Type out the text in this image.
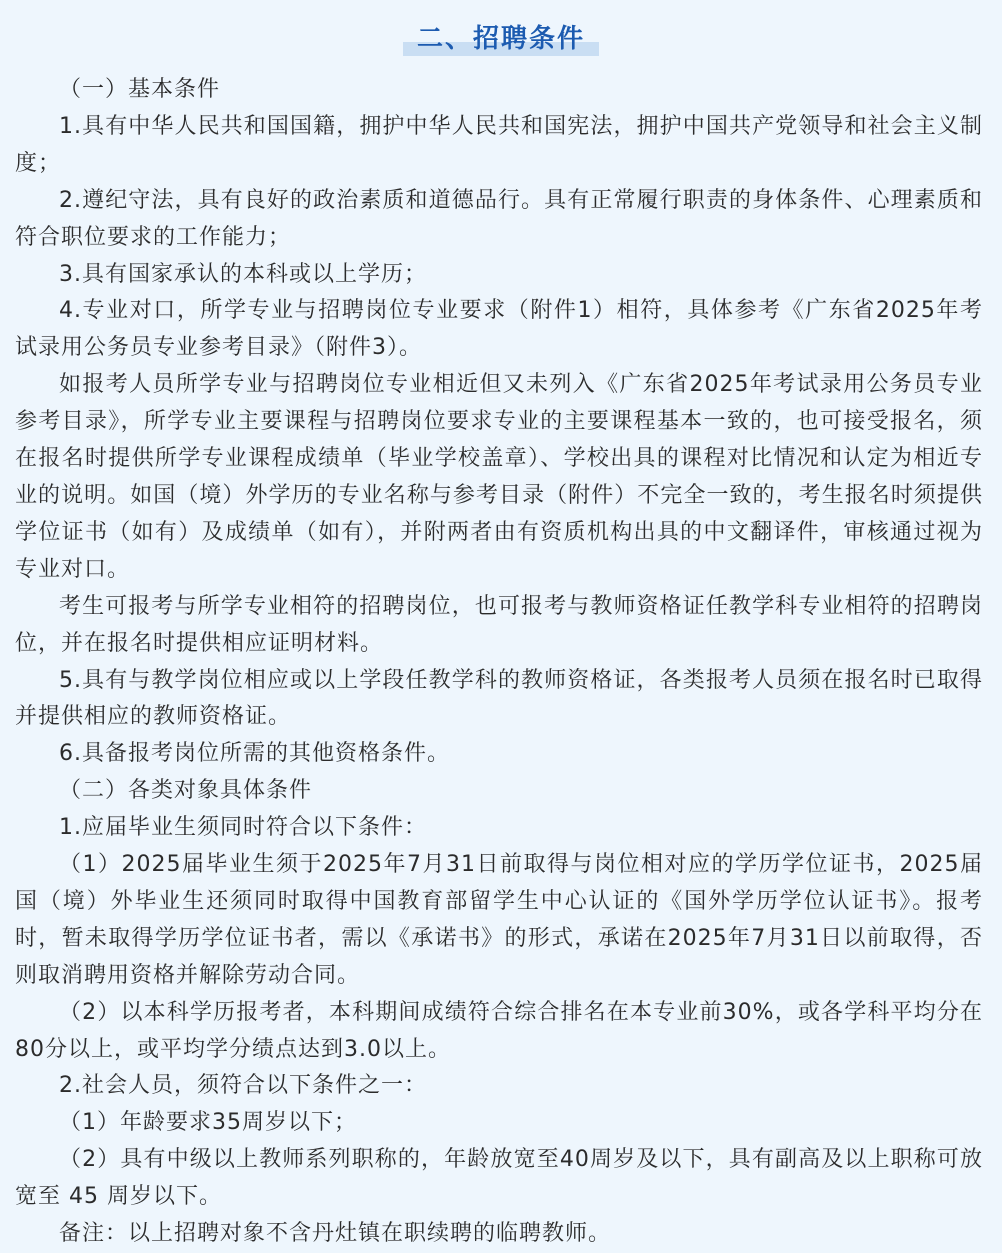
二、招聘条件

（一）基本条件

1.具有中华人民共和国国籍，拥护中华人民共和国宪法，拥护中国共产党领导和社会主义制度；

2.遵纪守法，具有良好的政治素质和道德品行。具有正常履行职责的身体条件、心理素质和符合职位要求的工作能力；

3.具有国家承认的本科或以上学历；

4.专业对口，所学专业与招聘岗位专业要求（附件1）相符，具体参考《广东省2025年考试录用公务员专业参考目录》（附件3）。

如报考人员所学专业与招聘岗位专业相近但又未列入《广东省2025年考试录用公务员专业参考目录》，所学专业主要课程与招聘岗位要求专业的主要课程基本一致的，也可接受报名，须在报名时提供所学专业课程成绩单（毕业学校盖章）、学校出具的课程对比情况和认定为相近专业的说明。如国（境）外学历的专业名称与参考目录（附件）不完全一致的，考生报名时须提供学位证书（如有）及成绩单（如有），并附两者由有资质机构出具的中文翻译件，审核通过视为专业对口。

考生可报考与所学专业相符的招聘岗位，也可报考与教师资格证任教学科专业相符的招聘岗位，并在报名时提供相应证明材料。

5.具有与教学岗位相应或以上学段任教学科的教师资格证，各类报考人员须在报名时已取得并提供相应的教师资格证。

6.具备报考岗位所需的其他资格条件。

（二）各类对象具体条件

1.应届毕业生须同时符合以下条件：

（1）2025届毕业生须于2025年7月31日前取得与岗位相对应的学历学位证书，2025届国（境）外毕业生还须同时取得中国教育部留学生中心认证的《国外学历学位认证书》。报考时，暂未取得学历学位证书者，需以《承诺书》的形式，承诺在2025年7月31日以前取得，否则取消聘用资格并解除劳动合同。

（2）以本科学历报考者，本科期间成绩符合综合排名在本专业前30%，或各学科平均分在80分以上，或平均学分绩点达到3.0以上。

2.社会人员，须符合以下条件之一：

（1）年龄要求35周岁以下；

（2）具有中级以上教师系列职称的，年龄放宽至40周岁及以下，具有副高及以上职称可放宽至 45 周岁以下。

备注：以上招聘对象不含丹灶镇在职续聘的临聘教师。
